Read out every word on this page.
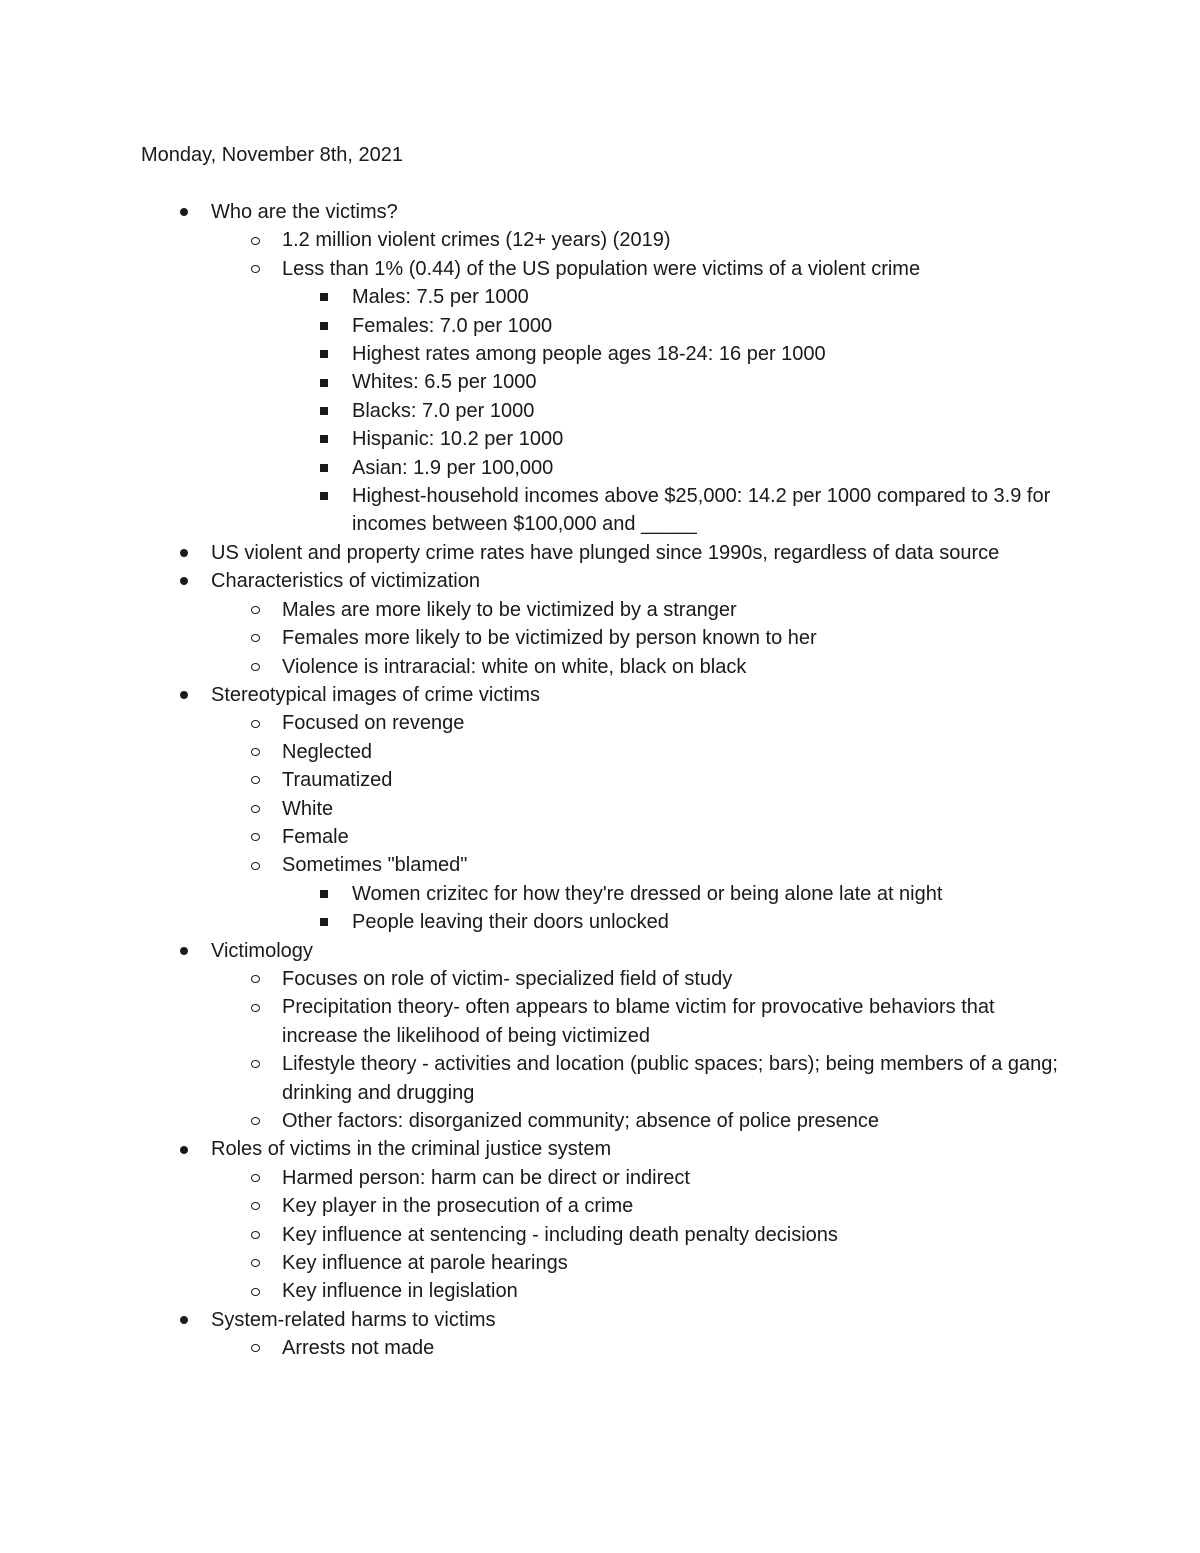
Monday, November 8th, 2021
Who are the victims?
1.2 million violent crimes (12+ years) (2019)
Less than 1% (0.44) of the US population were victims of a violent crime
Males: 7.5 per 1000
Females: 7.0 per 1000
Highest rates among people ages 18-24: 16 per 1000
Whites: 6.5 per 1000
Blacks: 7.0 per 1000
Hispanic: 10.2 per 1000
Asian: 1.9 per 100,000
Highest-household incomes above $25,000: 14.2 per 1000 compared to 3.9 for incomes between $100,000 and _____
US violent and property crime rates have plunged since 1990s, regardless of data source
Characteristics of victimization
Males are more likely to be victimized by a stranger
Females more likely to be victimized by person known to her
Violence is intraracial: white on white, black on black
Stereotypical images of crime victims
Focused on revenge
Neglected
Traumatized
White
Female
Sometimes "blamed"
Women crizitec for how they're dressed or being alone late at night
People leaving their doors unlocked
Victimology
Focuses on role of victim- specialized field of study
Precipitation theory- often appears to blame victim for provocative behaviors that increase the likelihood of being victimized
Lifestyle theory - activities and location (public spaces; bars); being members of a gang; drinking and drugging
Other factors: disorganized community; absence of police presence
Roles of victims in the criminal justice system
Harmed person: harm can be direct or indirect
Key player in the prosecution of a crime
Key influence at sentencing - including death penalty decisions
Key influence at parole hearings
Key influence in legislation
System-related harms to victims
Arrests not made
